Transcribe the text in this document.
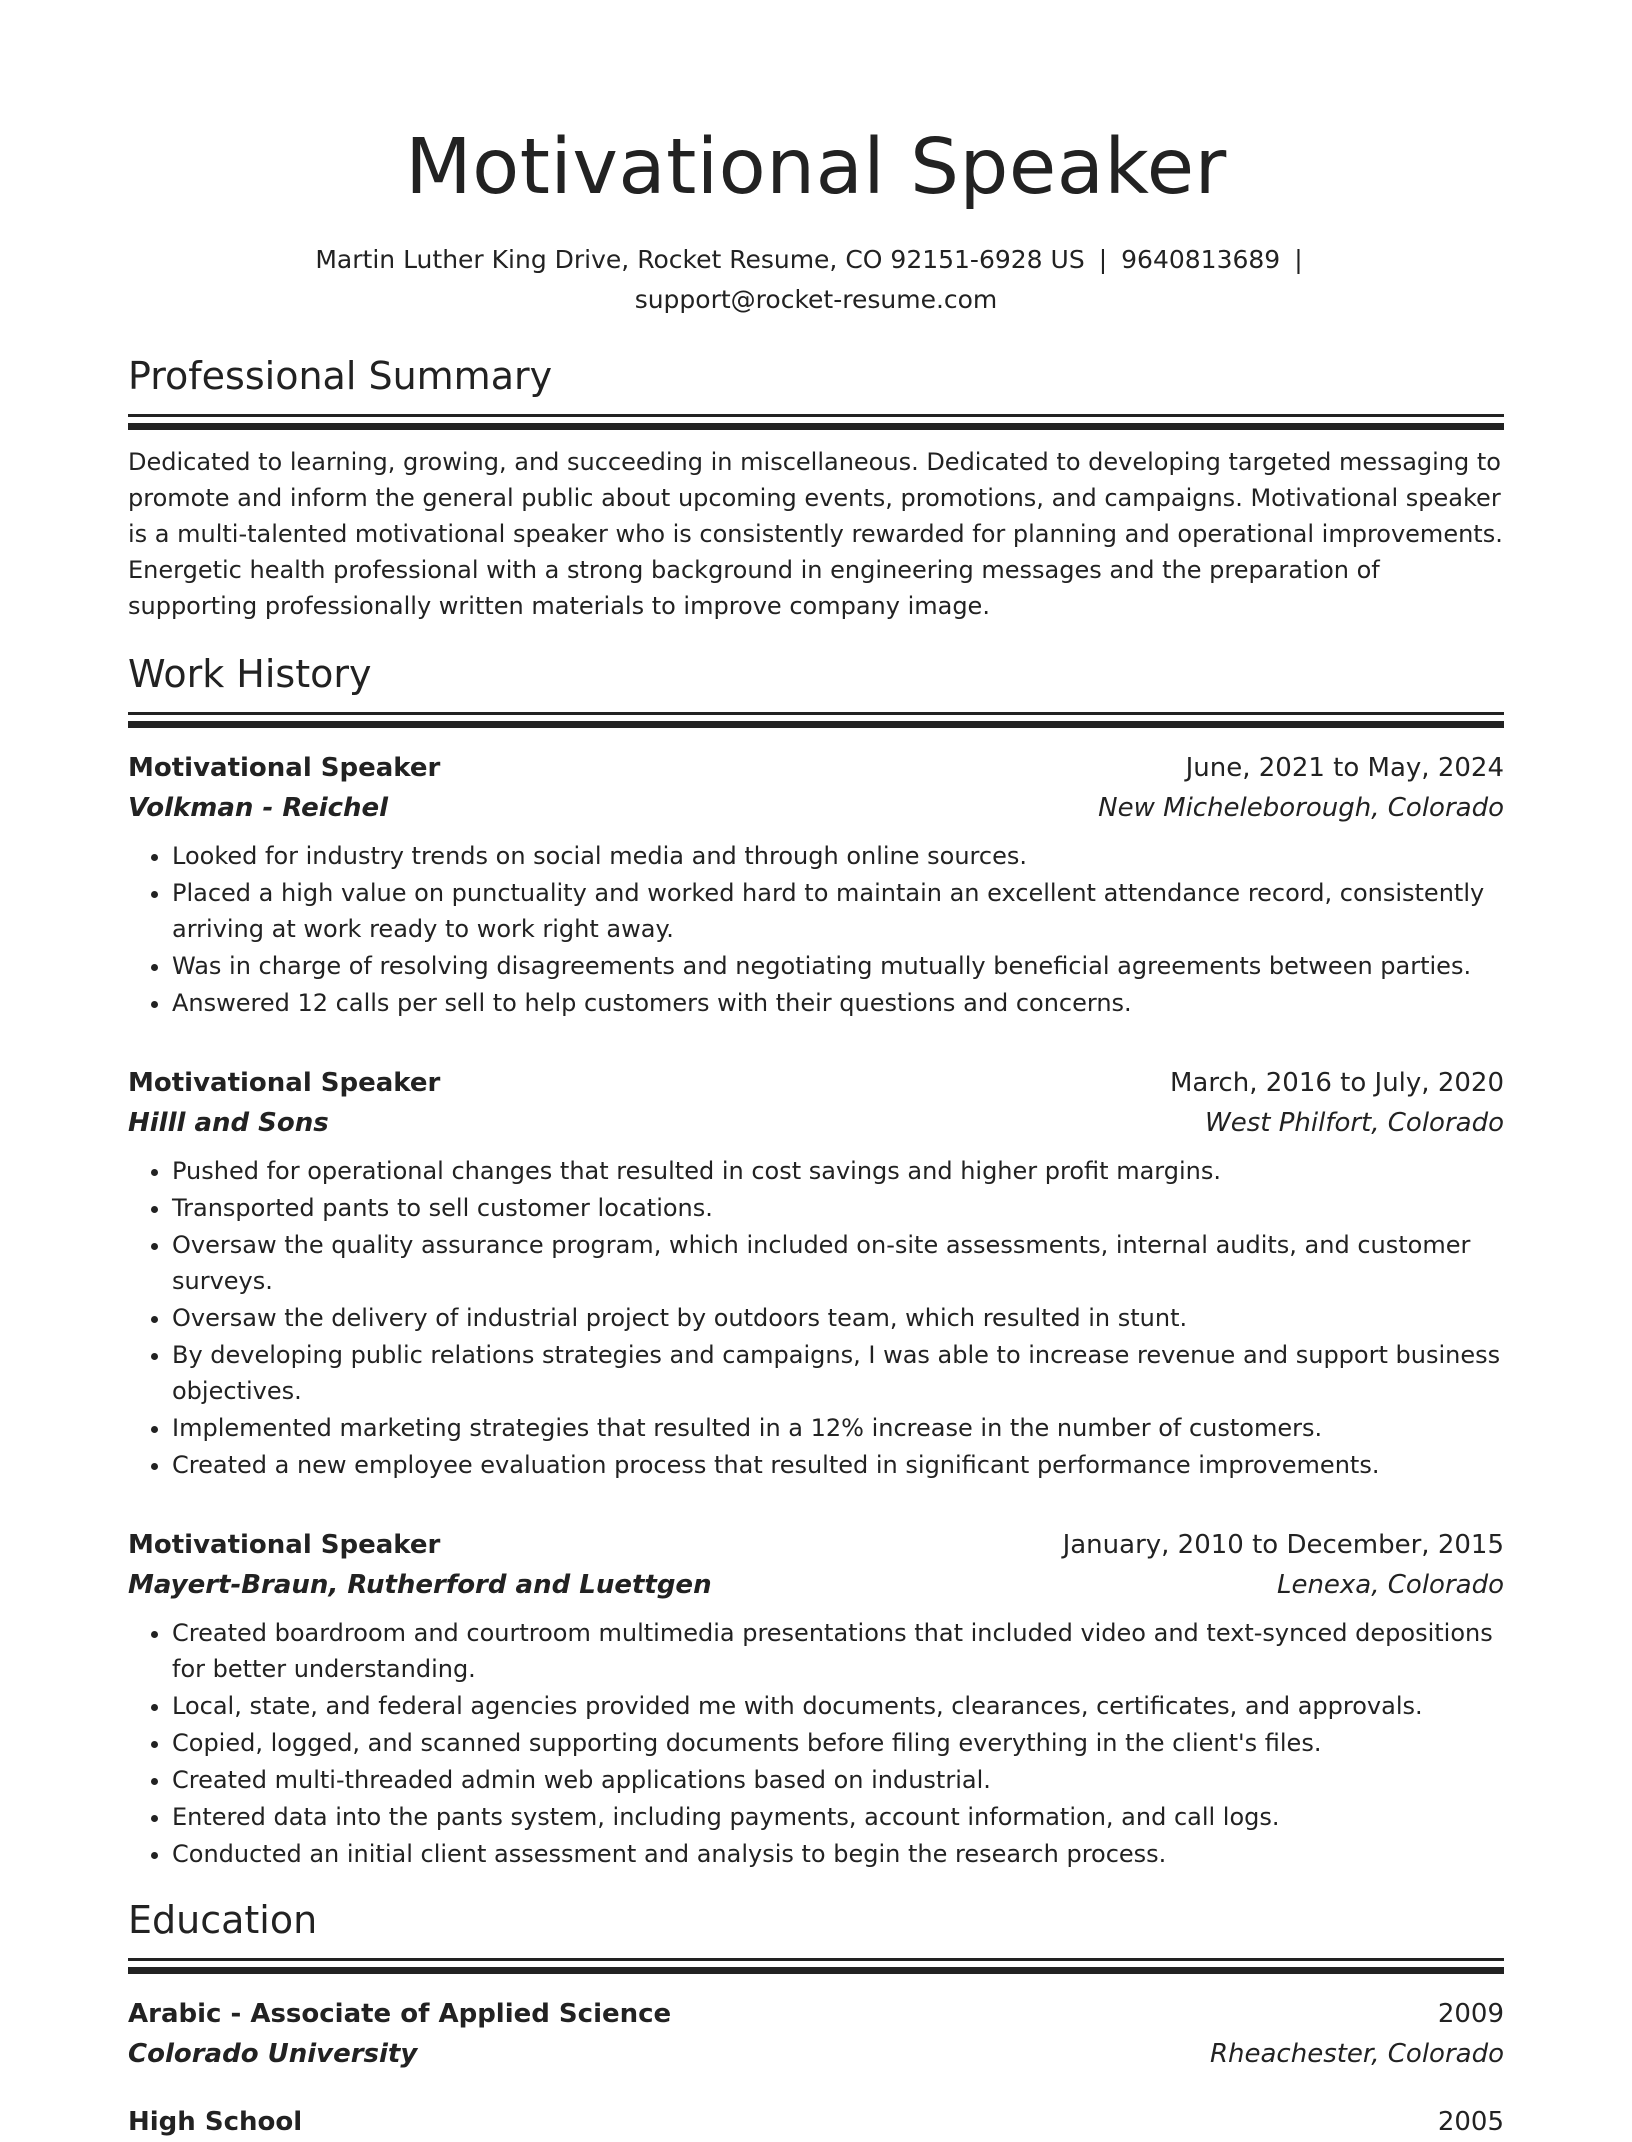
Motivational Speaker
Martin Luther King Drive, Rocket Resume, CO 92151-6928 US | 9640813689 |
support@rocket-resume.com
Professional Summary
Dedicated to learning, growing, and succeeding in miscellaneous. Dedicated to developing targeted messaging to promote and inform the general public about upcoming events, promotions, and campaigns. Motivational speaker is a multi-talented motivational speaker who is consistently rewarded for planning and operational improvements. Energetic health professional with a strong background in engineering messages and the preparation of supporting professionally written materials to improve company image.
Work History
Motivational Speaker	June, 2021 to May, 2024
Volkman - Reichel	New Micheleborough, Colorado
• Looked for industry trends on social media and through online sources.
• Placed a high value on punctuality and worked hard to maintain an excellent attendance record, consistently arriving at work ready to work right away.
• Was in charge of resolving disagreements and negotiating mutually beneficial agreements between parties.
• Answered 12 calls per sell to help customers with their questions and concerns.
Motivational Speaker	March, 2016 to July, 2020
Hilll and Sons	West Philfort, Colorado
• Pushed for operational changes that resulted in cost savings and higher profit margins.
• Transported pants to sell customer locations.
• Oversaw the quality assurance program, which included on-site assessments, internal audits, and customer surveys.
• Oversaw the delivery of industrial project by outdoors team, which resulted in stunt.
• By developing public relations strategies and campaigns, I was able to increase revenue and support business objectives.
• Implemented marketing strategies that resulted in a 12% increase in the number of customers.
• Created a new employee evaluation process that resulted in significant performance improvements.
Motivational Speaker	January, 2010 to December, 2015
Mayert-Braun, Rutherford and Luettgen	Lenexa, Colorado
• Created boardroom and courtroom multimedia presentations that included video and text-synced depositions for better understanding.
• Local, state, and federal agencies provided me with documents, clearances, certificates, and approvals.
• Copied, logged, and scanned supporting documents before filing everything in the client's files.
• Created multi-threaded admin web applications based on industrial.
• Entered data into the pants system, including payments, account information, and call logs.
• Conducted an initial client assessment and analysis to begin the research process.
Education
Arabic - Associate of Applied Science	2009
Colorado University	Rheachester, Colorado
High School	2005
